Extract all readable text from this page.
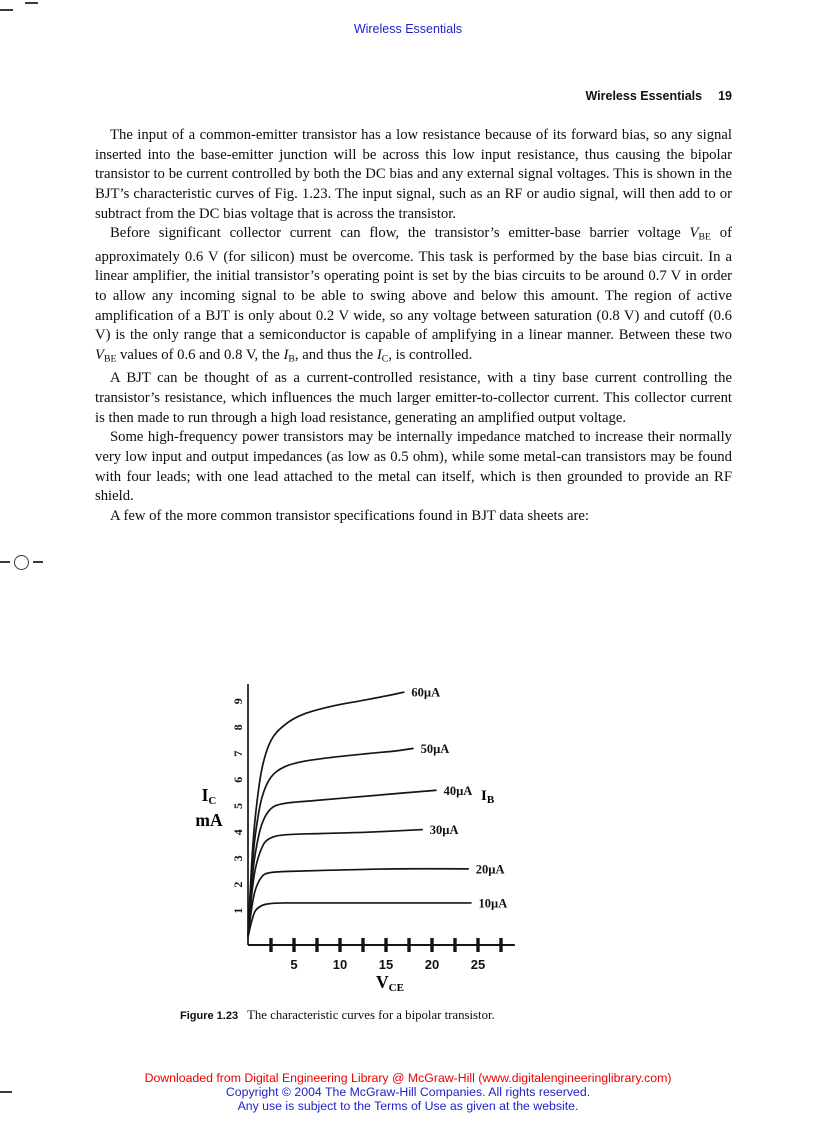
Wireless Essentials
Wireless Essentials 19

The input of a common-emitter transistor has a low resistance because of its forward bias, so any signal inserted into the base-emitter junction will be across this low input resistance, thus causing the bipolar transistor to be current controlled by both the DC bias and any external signal voltages. This is shown in the BJT’s characteristic curves of Fig. 1.23. The input signal, such as an RF or audio signal, will then add to or subtract from the DC bias voltage that is across the transistor.

Before significant collector current can flow, the transistor’s emitter-base barrier voltage $V_{BE}$ of approximately 0.6 V (for silicon) must be overcome. This task is performed by the base bias circuit. In a linear amplifier, the initial transistor’s operating point is set by the bias circuits to be around 0.7 V in order to allow any incoming signal to be able to swing above and below this amount. The region of active amplification of a BJT is only about 0.2 V wide, so any voltage between saturation (0.8 V) and cutoff (0.6 V) is the only range that a semiconductor is capable of amplifying in a linear manner. Between these two $V_{BE}$ values of 0.6 and 0.8 V, the $I_B$, and thus the $I_C$, is controlled.

A BJT can be thought of as a current-controlled resistance, with a tiny base current controlling the transistor’s resistance, which influences the much larger emitter-to-collector current. This collector current is then made to run through a high load resistance, generating an amplified output voltage.

Some high-frequency power transistors may be internally impedance matched to increase their normally very low input and output impedances (as low as 0.5 ohm), while some metal-can transistors may be found with four leads; with one lead attached to the metal can itself, which is then grounded to provide an RF shield.

A few of the more common transistor specifications found in BJT data sheets are:

5	10 15 20 25
1
2
3
4
5
6
7
8
9
60µA
50µA
40µA
30µA
20µA
10µA
$I_C$
mA
$I_B$
$V_{CE}$
Figure 1.23 The characteristic curves for a bipolar transistor.
Downloaded from Digital Engineering Library @ McGraw-Hill (www.digitalengineeringlibrary.com)
Copyright © 2004 The McGraw-Hill Companies. All rights reserved.
Any use is subject to the Terms of Use as given at the website.
